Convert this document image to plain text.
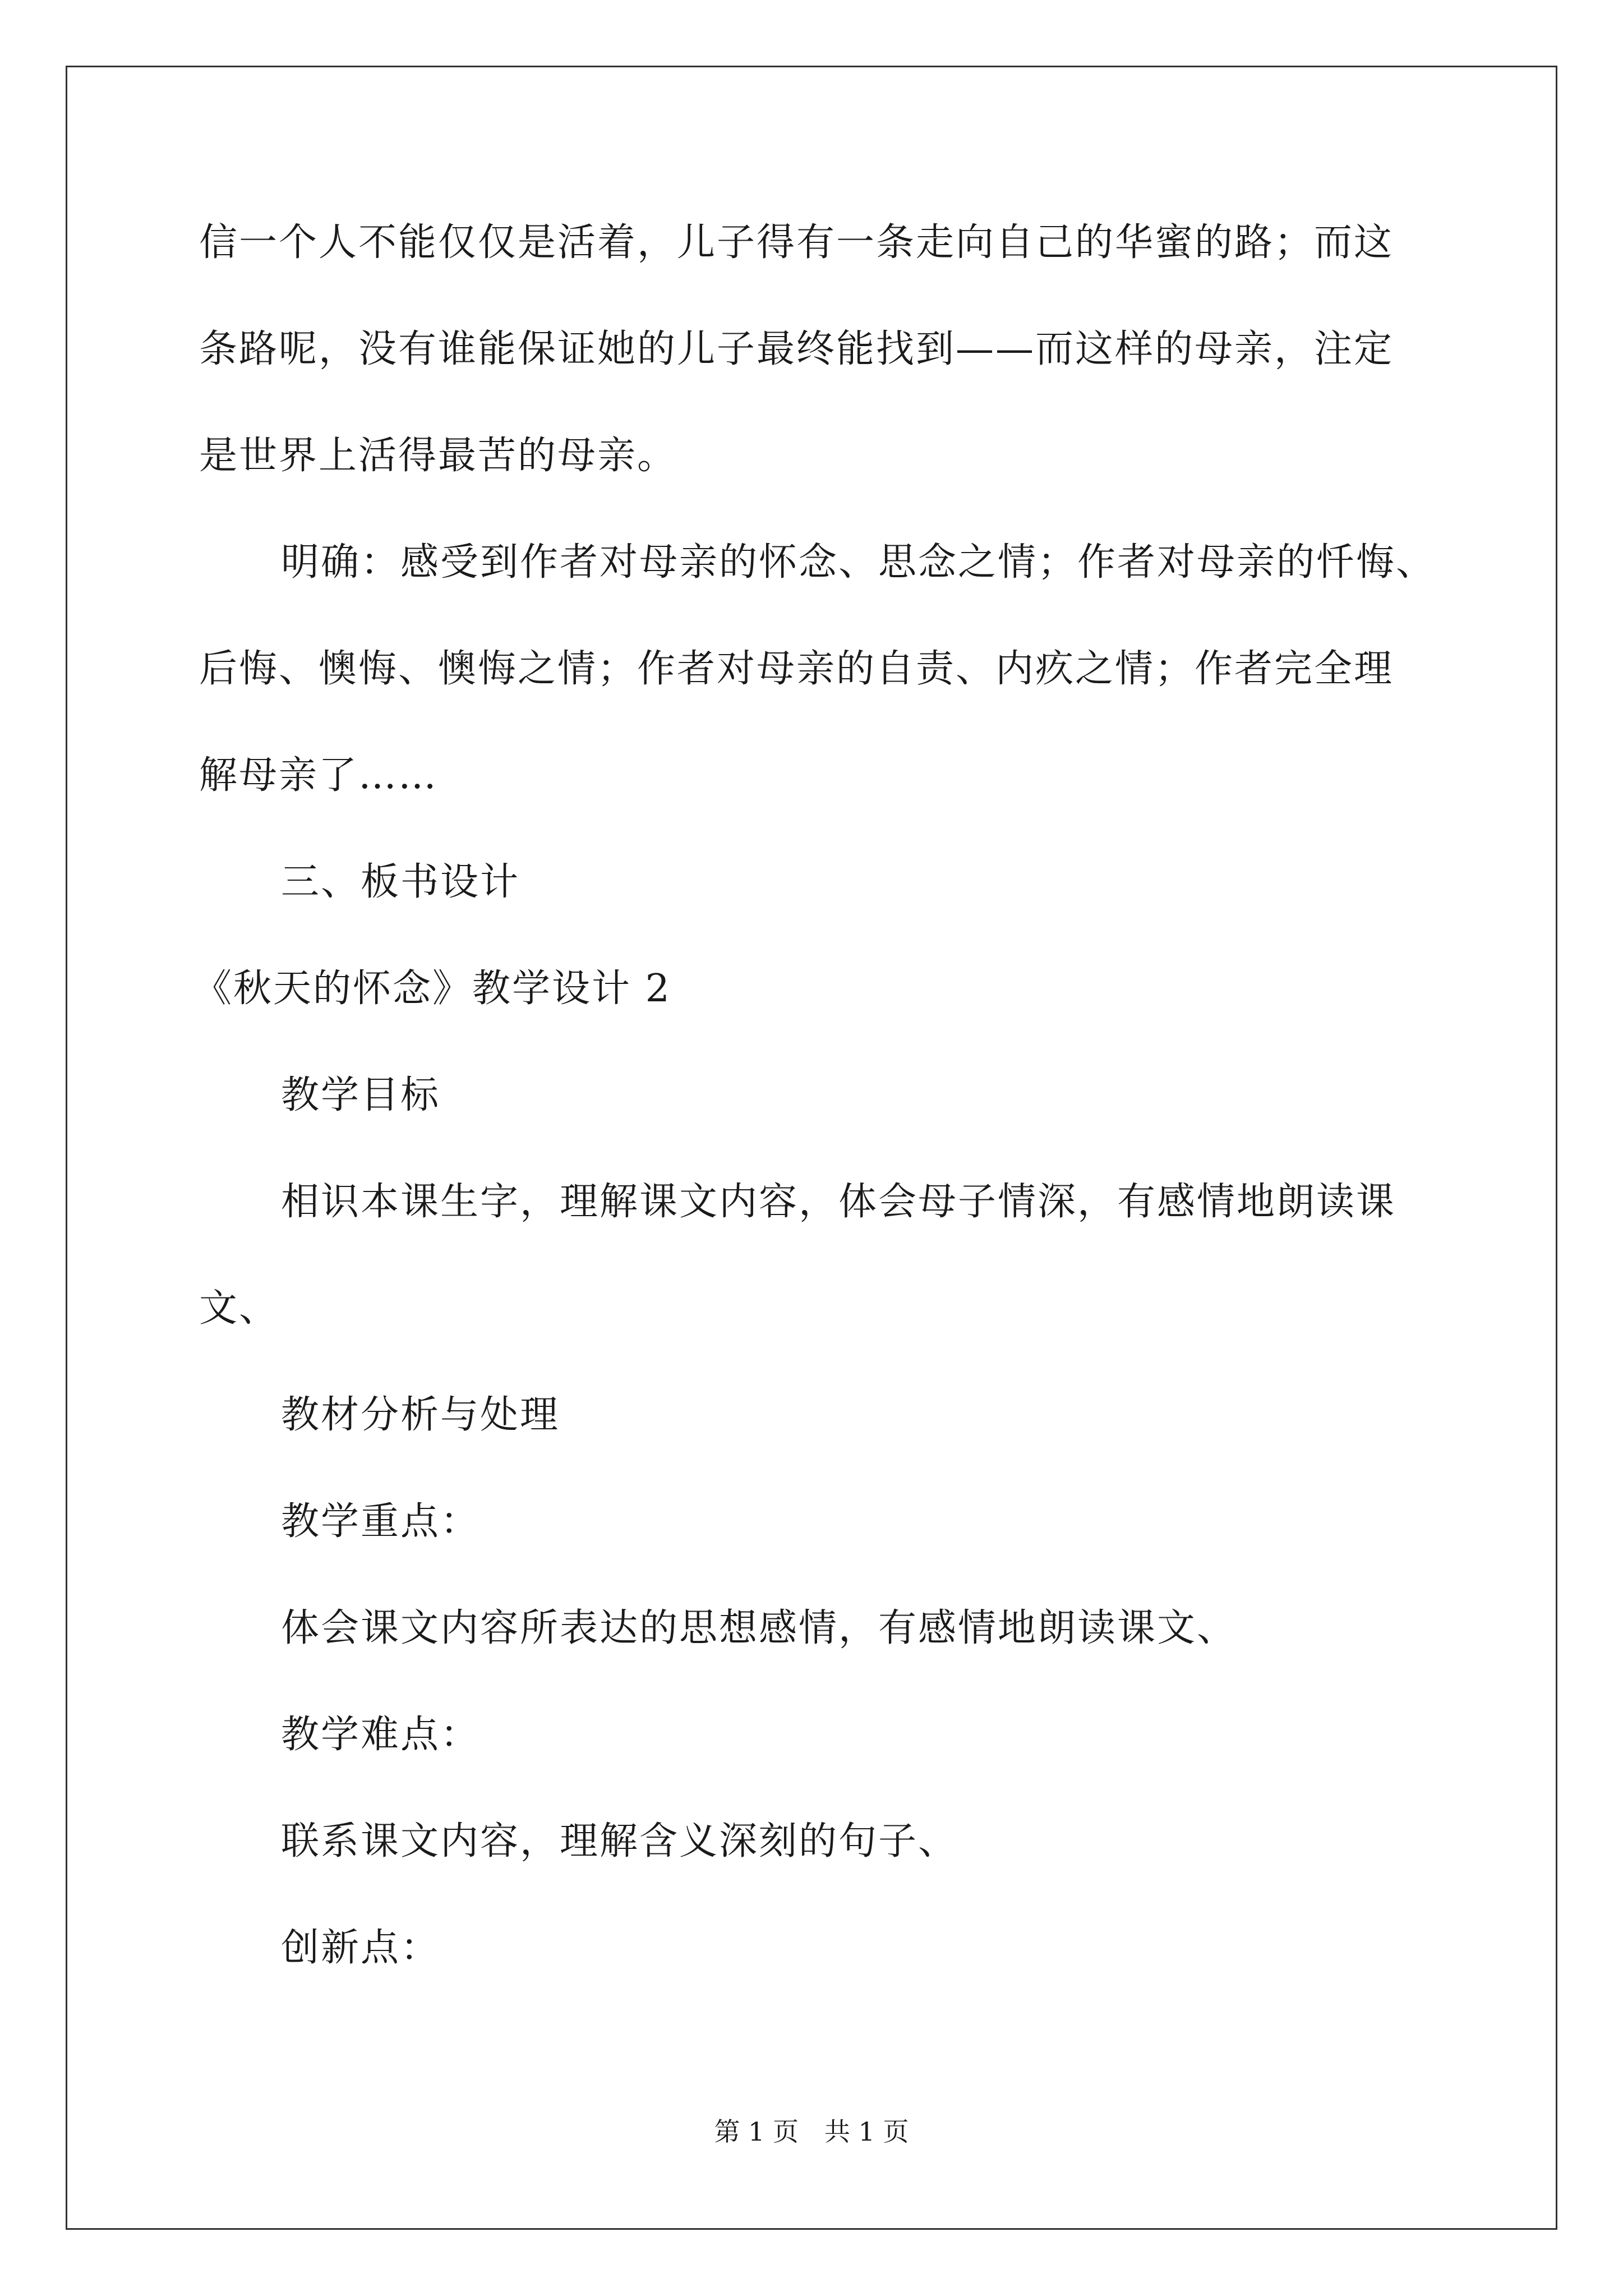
信一个人不能仅仅是活着，儿子得有一条走向自己的华蜜的路；而这
条路呢，没有谁能保证她的儿子最终能找到——而这样的母亲，注定
是世界上活得最苦的母亲。
明确：感受到作者对母亲的怀念、思念之情；作者对母亲的忏悔、
后悔、懊悔、懊悔之情；作者对母亲的自责、内疚之情；作者完全理
解母亲了……
三、板书设计
《秋天的怀念》教学设计 2
教学目标
相识本课生字，理解课文内容，体会母子情深，有感情地朗读课
文、
教材分析与处理
教学重点：
体会课文内容所表达的思想感情，有感情地朗读课文、
教学难点：
联系课文内容，理解含义深刻的句子、
创新点：
第 1 页　共 1 页
